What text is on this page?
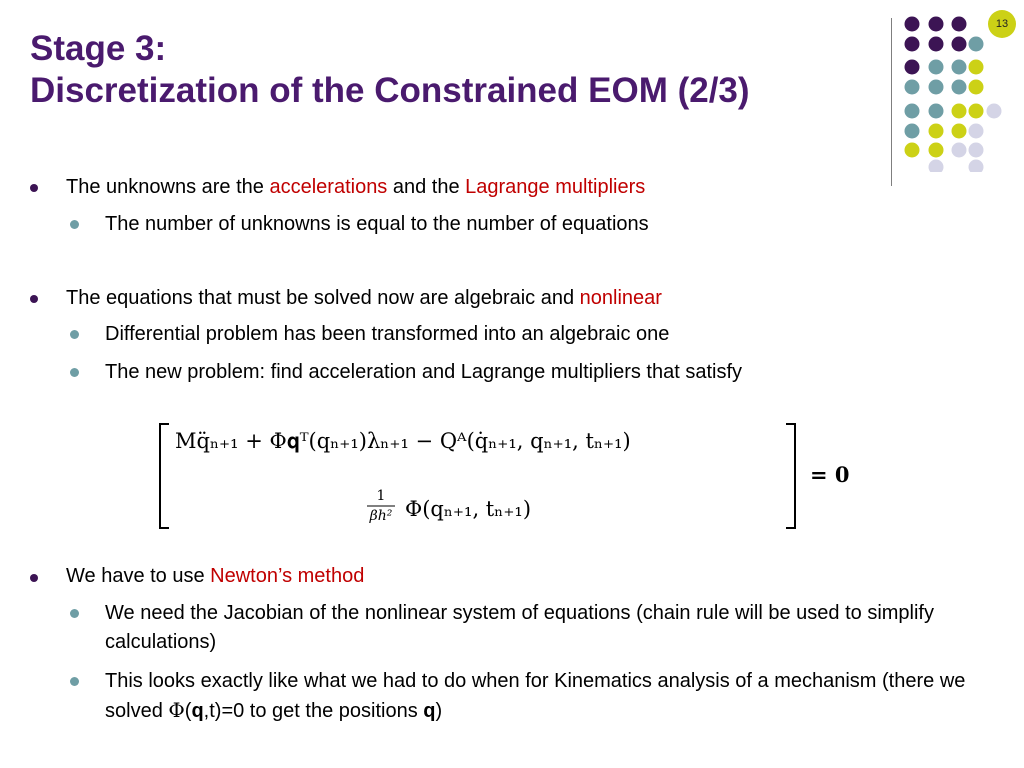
Stage 3:
Discretization of the Constrained EOM (2/3)
13
The unknowns are the accelerations and the Lagrange multipliers
The number of unknowns is equal to the number of equations
The equations that must be solved now are algebraic and nonlinear
Differential problem has been transformed into an algebraic one
The new problem: find acceleration and Lagrange multipliers that satisfy
We have to use Newton’s method
We need the Jacobian of the nonlinear system of equations (chain rule will be used to simplify calculations)
This looks exactly like what we had to do when for Kinematics analysis of a mechanism (there we solved Φ(q,t)=0 to get the positions q)
Mq̈ₙ₊₁ + Φ𝐪ᵀ(qₙ₊₁)λₙ₊₁ − Qᴬ(q̇ₙ₊₁, qₙ₊₁, tₙ₊₁)
1
βh² Φ(qₙ₊₁, tₙ₊₁)
= 0
